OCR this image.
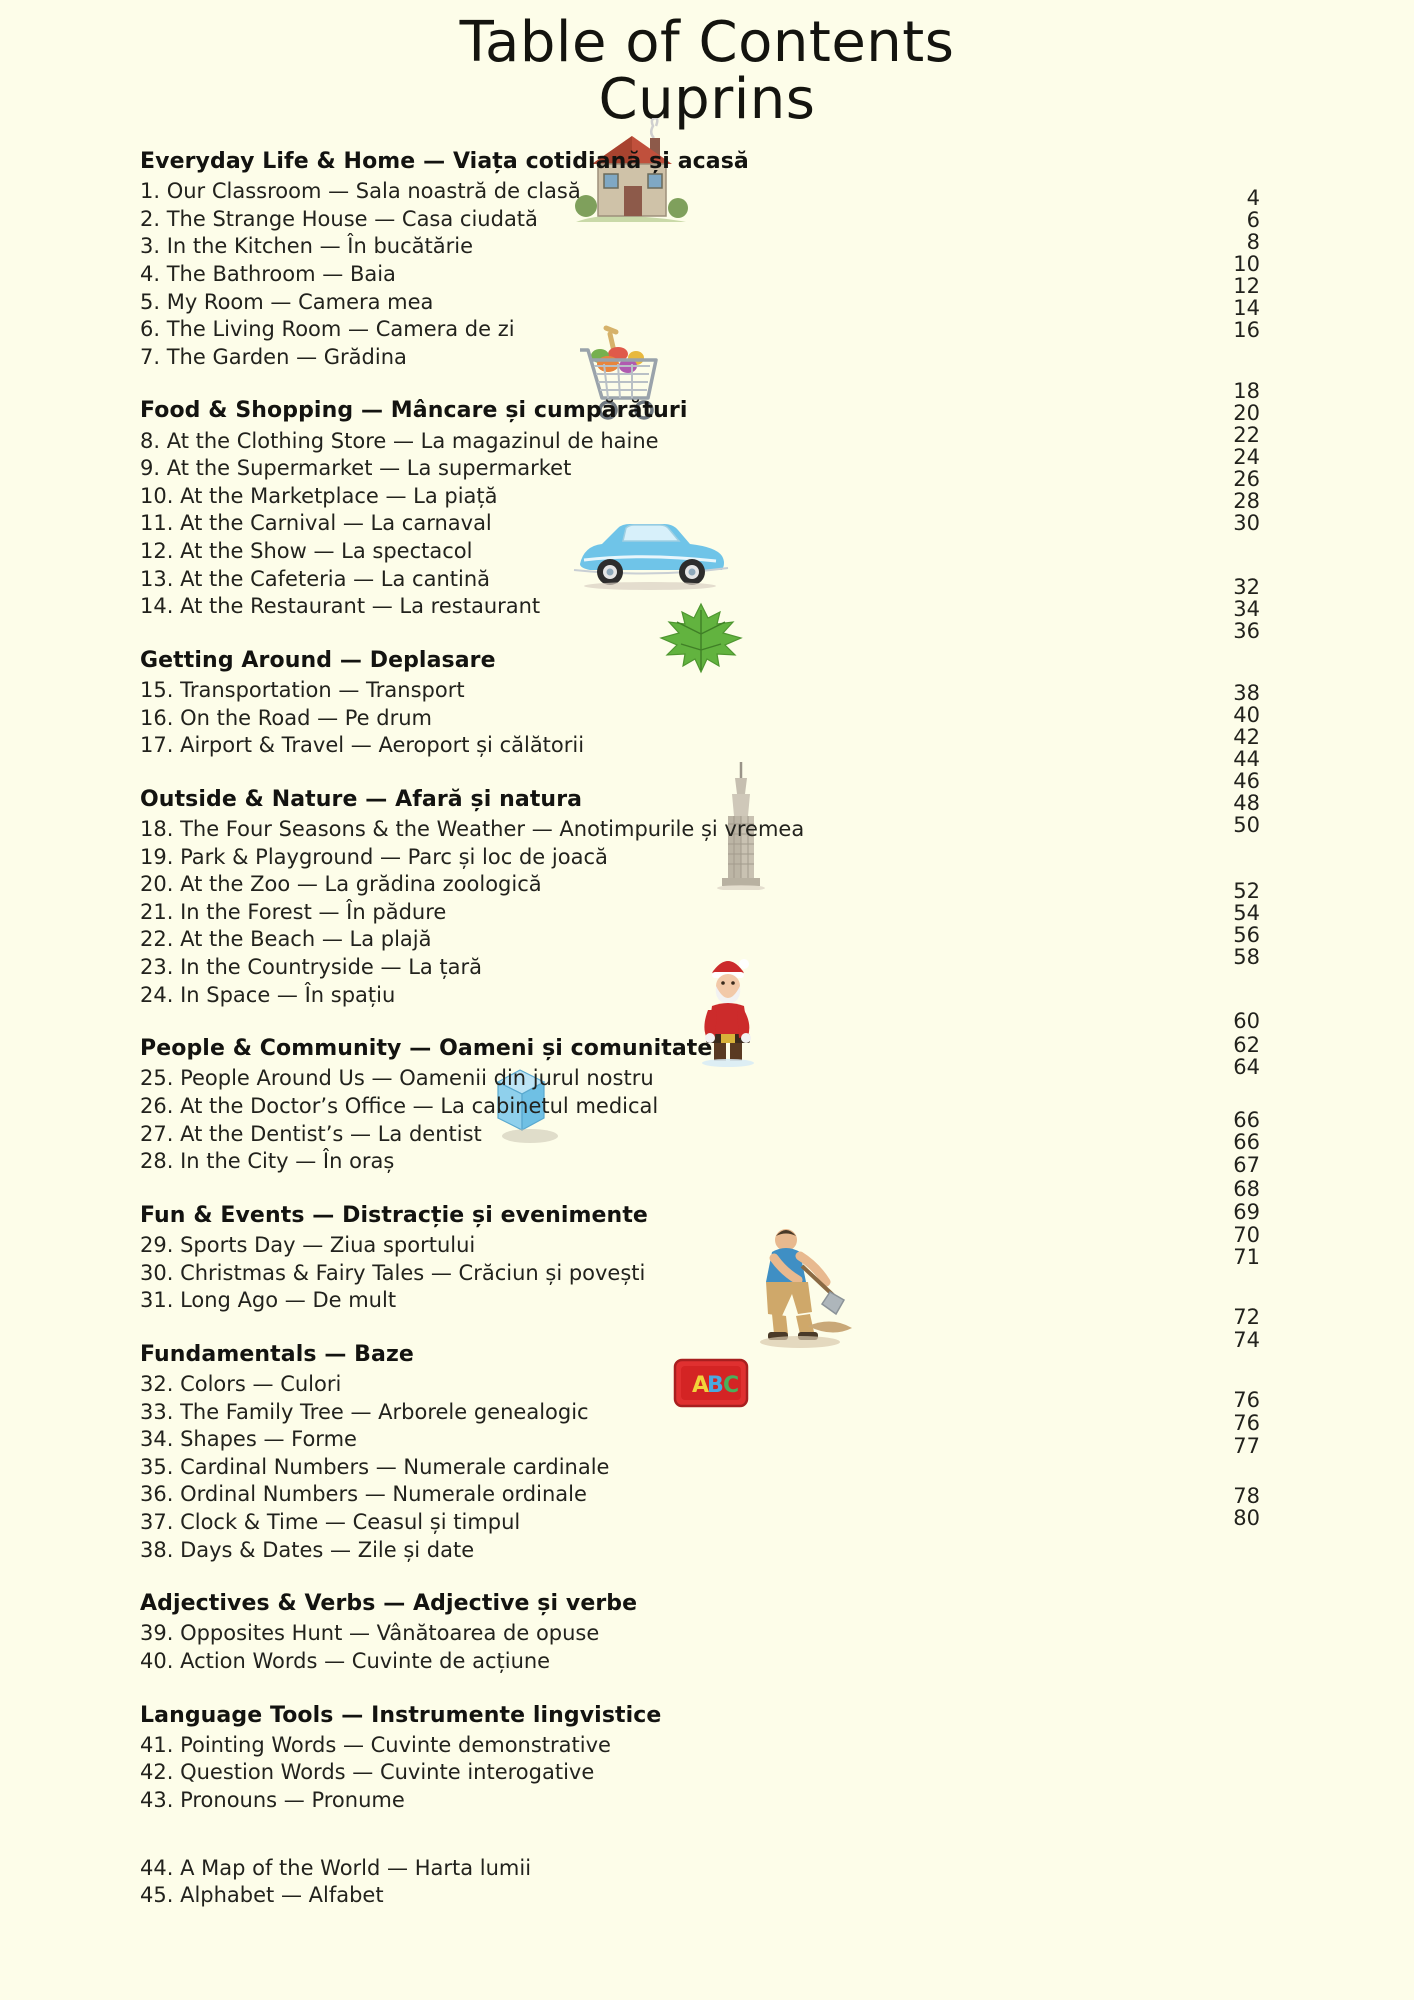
Table of Contents
Cuprins
A
B C
Everyday Life & Home — Viața cotidiană și acasă
1. Our Classroom — Sala noastră de clasă
2. The Strange House — Casa ciudată
3. In the Kitchen — În bucătărie
4. The Bathroom — Baia
5. My Room — Camera mea
6. The Living Room — Camera de zi
7. The Garden — Grădina
Food & Shopping — Mâncare și cumpărături
8. At the Clothing Store — La magazinul de haine
9. At the Supermarket — La supermarket
10. At the Marketplace — La piață
11. At the Carnival — La carnaval
12. At the Show — La spectacol
13. At the Cafeteria — La cantină
14. At the Restaurant — La restaurant
Getting Around — Deplasare
15. Transportation — Transport
16. On the Road — Pe drum
17. Airport & Travel — Aeroport și călătorii
Outside & Nature — Afară și natura
18. The Four Seasons & the Weather — Anotimpurile și vremea
19. Park & Playground — Parc și loc de joacă
20. At the Zoo — La grădina zoologică
21. In the Forest — În pădure
22. At the Beach — La plajă
23. In the Countryside — La țară
24. In Space — În spațiu
People & Community — Oameni și comunitate
25. People Around Us — Oamenii din jurul nostru
26. At the Doctor’s Office — La cabinetul medical
27. At the Dentist’s — La dentist
28. In the City — În oraș
Fun & Events — Distracție și evenimente
29. Sports Day — Ziua sportului
30. Christmas & Fairy Tales — Crăciun și povești
31. Long Ago — De mult
Fundamentals — Baze
32. Colors — Culori
33. The Family Tree — Arborele genealogic
34. Shapes — Forme
35. Cardinal Numbers — Numerale cardinale
36. Ordinal Numbers — Numerale ordinale
37. Clock & Time — Ceasul și timpul
38. Days & Dates — Zile și date
Adjectives & Verbs — Adjective și verbe
39. Opposites Hunt — Vânătoarea de opuse
40. Action Words — Cuvinte de acțiune
Language Tools — Instrumente lingvistice
41. Pointing Words — Cuvinte demonstrative
42. Question Words — Cuvinte interogative
43. Pronouns — Pronume
44. A Map of the World — Harta lumii
45. Alphabet — Alfabet
4
6
8
10
12
14
16
18
20
22
24
26
28
30
32
34
36
38
40
42
44
46
48
50
52
54
56
58
60
62
64
66
66
67
68
69
70
71
72
74
76
76
77
78
80
